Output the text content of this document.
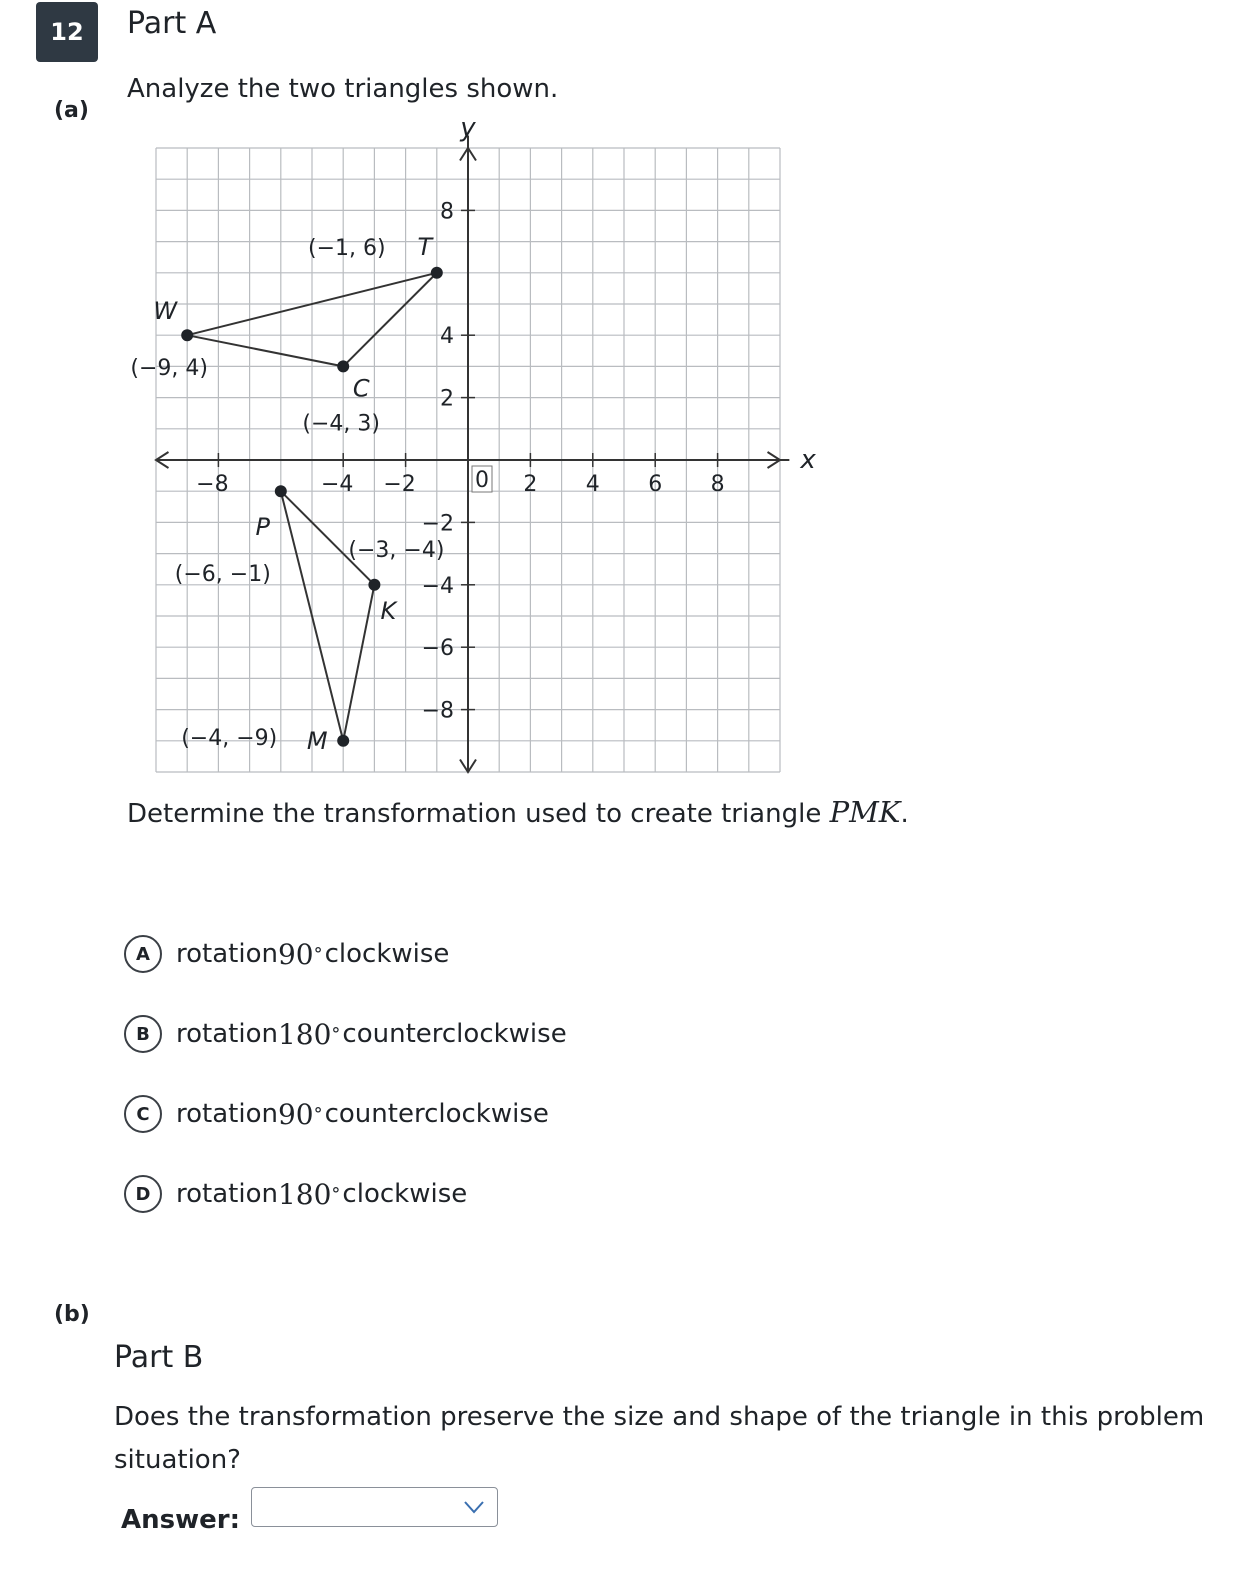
12	Part A
(a)
Analyze the two triangles shown.
x
y
−8	−4 −2	2 4 6 8
8
4
2
−2
−4
−6
−8
0
W
(−9, 4)
T
(−1, 6)
C
(−4, 3)
P
(−6, −1)
M
(−4, −9)
K
(−3, −4)
Determine the transformation used to create triangle PMK.
A	rotation 90 ° clockwise
B	rotation 180 ° counterclockwise
C	rotation 90 ° counterclockwise
D rotation 180 ° clockwise
(b)
Part B
Does the transformation preserve the size and shape of the triangle in this problem situation?
Answer:
